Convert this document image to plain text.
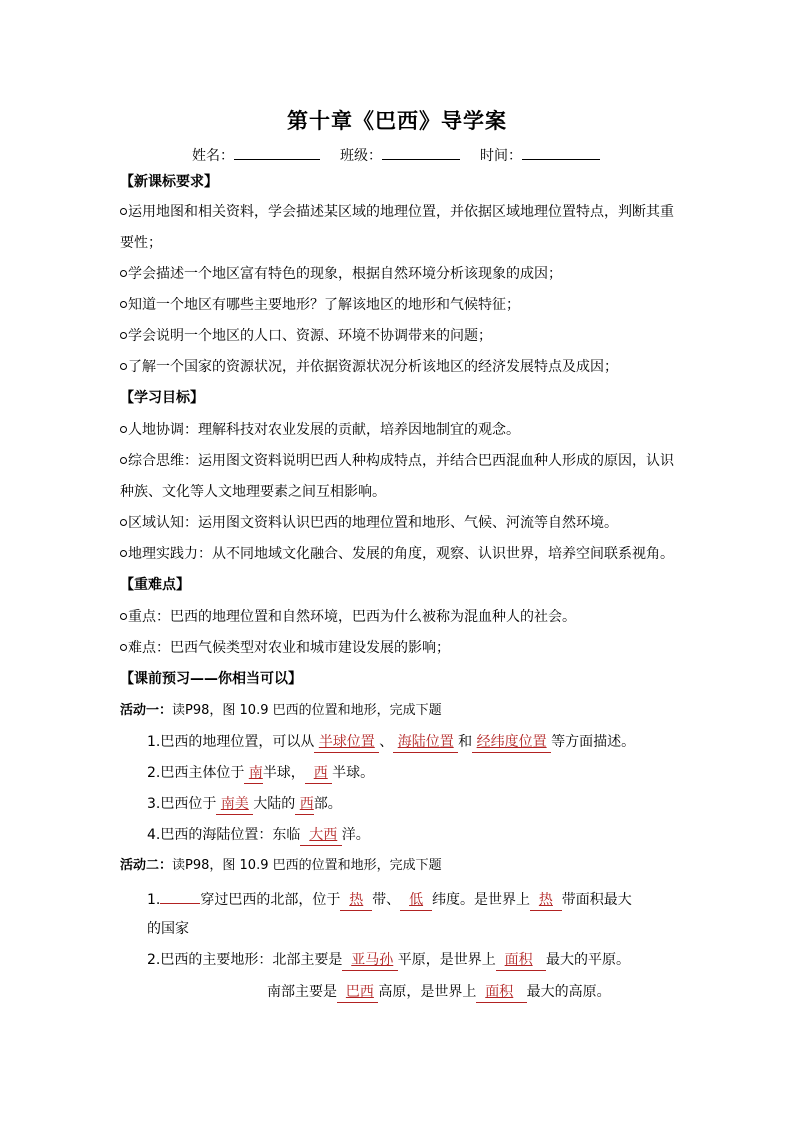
第十章《巴西》导学案
姓名：	班级：	时间：
【新课标要求】
运用地图和相关资料，学会描述某区域的地理位置，并依据区域地理位置特点，判断其重
要性；
学会描述一个地区富有特色的现象，根据自然环境分析该现象的成因；
知道一个地区有哪些主要地形？了解该地区的地形和气候特征；
学会说明一个地区的人口、资源、环境不协调带来的问题；
了解一个国家的资源状况，并依据资源状况分析该地区的经济发展特点及成因；
【学习目标】
人地协调：理解科技对农业发展的贡献，培养因地制宜的观念。
综合思维：运用图文资料说明巴西人种构成特点，并结合巴西混血种人形成的原因，认识
种族、文化等人文地理要素之间互相影响。
区域认知：运用图文资料认识巴西的地理位置和地形、气候、河流等自然环境。
地理实践力：从不同地域文化融合、发展的角度，观察、认识世界，培养空间联系视角。
【重难点】
重点：巴西的地理位置和自然环境，巴西为什么被称为混血种人的社会。
难点：巴西气候类型对农业和城市建设发展的影响；
【课前预习——你相当可以】
活动一：读P98，图 10.9 巴西的位置和地形，完成下题
1.巴西的地理位置，可以从 半球位置 、 海陆位置 和 经纬度位置 等方面描述。
2.巴西主体位于 南半球， 西 半球。
3.巴西位于 南美 大陆的 西部。
4.巴西的海陆位置：东临 大西 洋。
活动二：读P98，图 10.9 巴西的位置和地形，完成下题
1.	穿过巴西的北部，位于 热 带、 低 纬度。是世界上 热 带面积最大
的国家
2.巴西的主要地形：北部主要是 亚马孙 平原，是世界上 面积 最大的平原。
南部主要是 巴西 高原，是世界上 面积 最大的高原。
